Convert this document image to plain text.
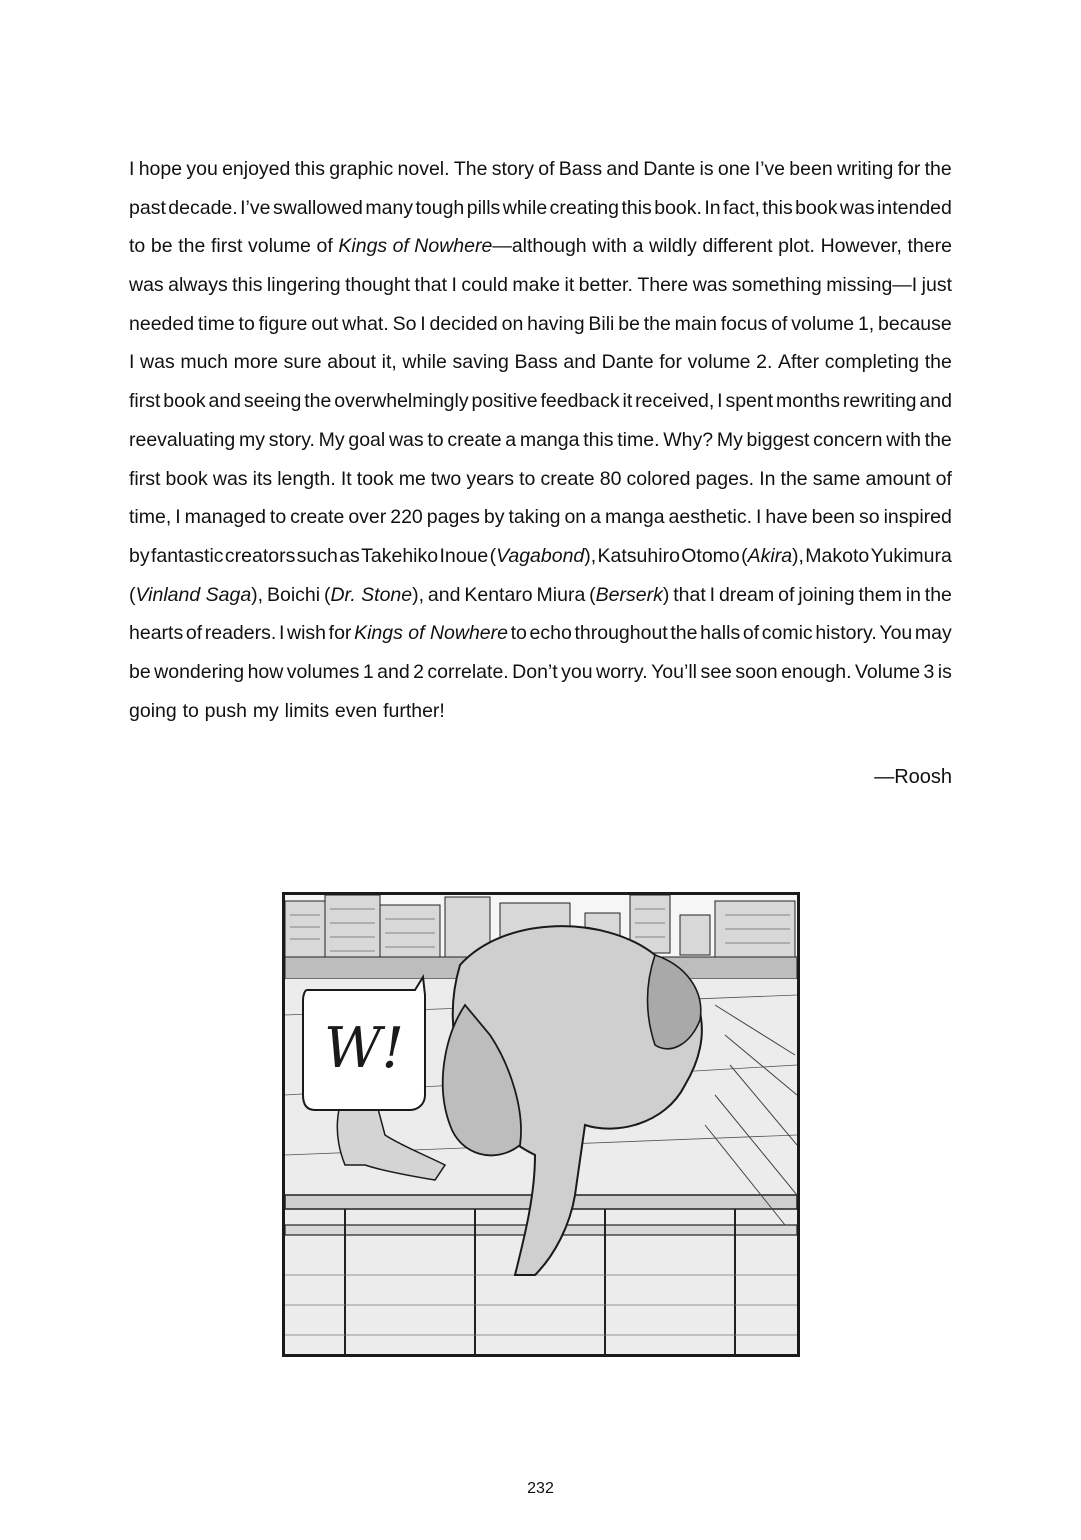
I hope you enjoyed this graphic novel. The story of Bass and Dante is one I’ve been writing for the
past decade. I’ve swallowed many tough pills while creating this book. In fact, this book was intended
to be the first volume of Kings of Nowhere—although with a wildly different plot. However, there
was always this lingering thought that I could make it better. There was something missing—I just
needed time to figure out what. So I decided on having Bili be the main focus of volume 1, because
I was much more sure about it, while saving Bass and Dante for volume 2. After completing the
first book and seeing the overwhelmingly positive feedback it received, I spent months rewriting and
reevaluating my story. My goal was to create a manga this time. Why? My biggest concern with the
first book was its length. It took me two years to create 80 colored pages. In the same amount of
time, I managed to create over 220 pages by taking on a manga aesthetic. I have been so inspired
by fantastic creators such as Takehiko Inoue (Vagabond), Katsuhiro Otomo (Akira), Makoto Yukimura
(Vinland Saga), Boichi (Dr. Stone), and Kentaro Miura (Berserk) that I dream of joining them in the
hearts of readers. I wish for Kings of Nowhere to echo throughout the halls of comic history. You may
be wondering how volumes 1 and 2 correlate. Don’t you worry. You’ll see soon enough. Volume 3 is
going to push my limits even further!
—Roosh
W!
232
